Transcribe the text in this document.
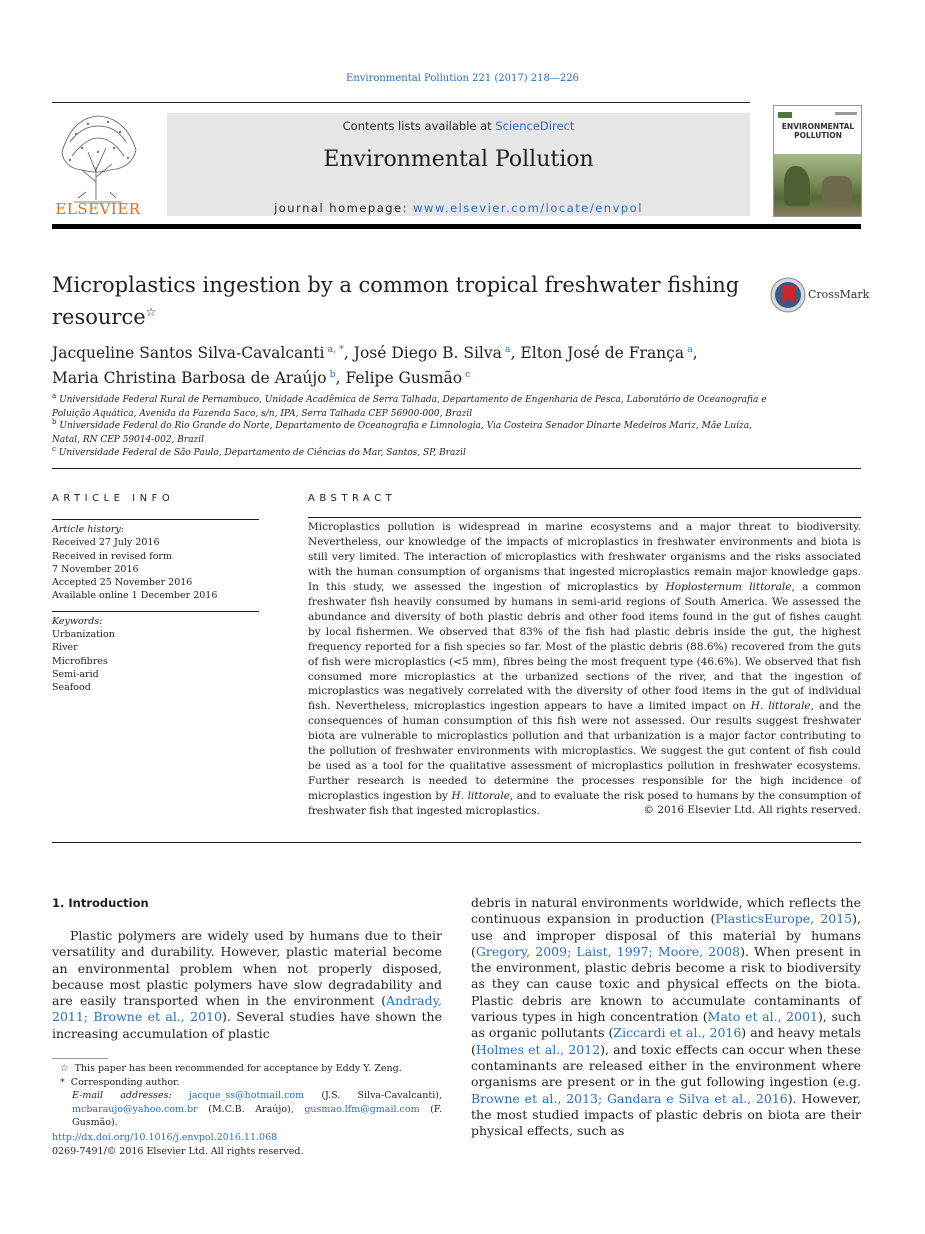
Environmental Pollution 221 (2017) 218—226
ELSEVIER
Contents lists available at ScienceDirect
Environmental Pollution
journal homepage: www.elsevier.com/locate/envpol
ENVIRONMENTAL POLLUTION
Microplastics ingestion by a common tropical freshwater fishing resource☆
CrossMark
Jacqueline Santos Silva-Cavalcanti $^{a, *}$, José Diego B. Silva $^a$, Elton José de França $^a$,
Maria Christina Barbosa de Araújo $^b$, Felipe Gusmão $^c$
$^a$ Universidade Federal Rural de Pernambuco, Unidade Acadêmica de Serra Talhada, Departamento de Engenharia de Pesca, Laboratório de Oceanografia e Poluição Aquática, Avenida da Fazenda Saco, s/n, IPA, Serra Talhada CEP 56900-000, Brazil
$^b$ Universidade Federal do Rio Grande do Norte, Departamento de Oceanografia e Limnologia, Via Costeira Senador Dinarte Medeiros Mariz, Mãe Luíza, Natal, RN CEP 59014-002, Brazil
$^c$ Universidade Federal de São Paulo, Departamento de Ciências do Mar, Santos, SP, Brazil
ARTICLE INFO
Article history:
Received 27 July 2016
Received in revised form
7 November 2016
Accepted 25 November 2016
Available online 1 December 2016
Keywords:
Urbanization
River
Microfibres
Semi-arid
Seafood
ABSTRACT
Microplastics pollution is widespread in marine ecosystems and a major threat to biodiversity. Nevertheless, our knowledge of the impacts of microplastics in freshwater environments and biota is still very limited. The interaction of microplastics with freshwater organisms and the risks associated with the human consumption of organisms that ingested microplastics remain major knowledge gaps. In this study, we assessed the ingestion of microplastics by Hoplosternum littorale, a common freshwater fish heavily consumed by humans in semi-arid regions of South America. We assessed the abundance and diversity of both plastic debris and other food items found in the gut of fishes caught by local fishermen. We observed that 83% of the fish had plastic debris inside the gut, the highest frequency reported for a fish species so far. Most of the plastic debris (88.6%) recovered from the guts of fish were microplastics (<5 mm), fibres being the most frequent type (46.6%). We observed that fish consumed more microplastics at the urbanized sections of the river, and that the ingestion of microplastics was negatively correlated with the diversity of other food items in the gut of individual fish. Nevertheless, microplastics ingestion appears to have a limited impact on H. littorale, and the consequences of human consumption of this fish were not assessed. Our results suggest freshwater biota are vulnerable to microplastics pollution and that urbanization is a major factor contributing to the pollution of freshwater environments with microplastics. We suggest the gut content of fish could be used as a tool for the qualitative assessment of microplastics pollution in freshwater ecosystems. Further research is needed to determine the processes responsible for the high incidence of microplastics ingestion by H. littorale, and to evaluate the risk posed to humans by the consumption of freshwater fish that ingested microplastics.	© 2016 Elsevier Ltd. All rights reserved.
1. Introduction
Plastic polymers are widely used by humans due to their versatility and durability. However, plastic material become an environmental problem when not properly disposed, because most plastic polymers have slow degradability and are easily transported when in the environment (Andrady, 2011; Browne et al., 2010). Several studies have shown the increasing accumulation of plastic
debris in natural environments worldwide, which reflects the continuous expansion in production (PlasticsEurope, 2015), use and improper disposal of this material by humans (Gregory, 2009; Laist, 1997; Moore, 2008). When present in the environment, plastic debris become a risk to biodiversity as they can cause toxic and physical effects on the biota. Plastic debris are known to accumulate contaminants of various types in high concentration (Mato et al., 2001), such as organic pollutants (Ziccardi et al., 2016) and heavy metals (Holmes et al., 2012), and toxic effects can occur when these contaminants are released either in the environment where organisms are present or in the gut following ingestion (e.g. Browne et al., 2013; Gandara e Silva et al., 2016). However, the most studied impacts of plastic debris on biota are their physical effects, such as
☆ This paper has been recommended for acceptance by Eddy Y. Zeng.
*  Corresponding author.
E-mail addresses: jacque_ss@hotmail.com (J.S. Silva-Cavalcanti), mcbaraujo@yahoo.com.br (M.C.B. Araújo), gusmao.lfm@gmail.com (F. Gusmão).
http://dx.doi.org/10.1016/j.envpol.2016.11.068
0269-7491/© 2016 Elsevier Ltd. All rights reserved.
